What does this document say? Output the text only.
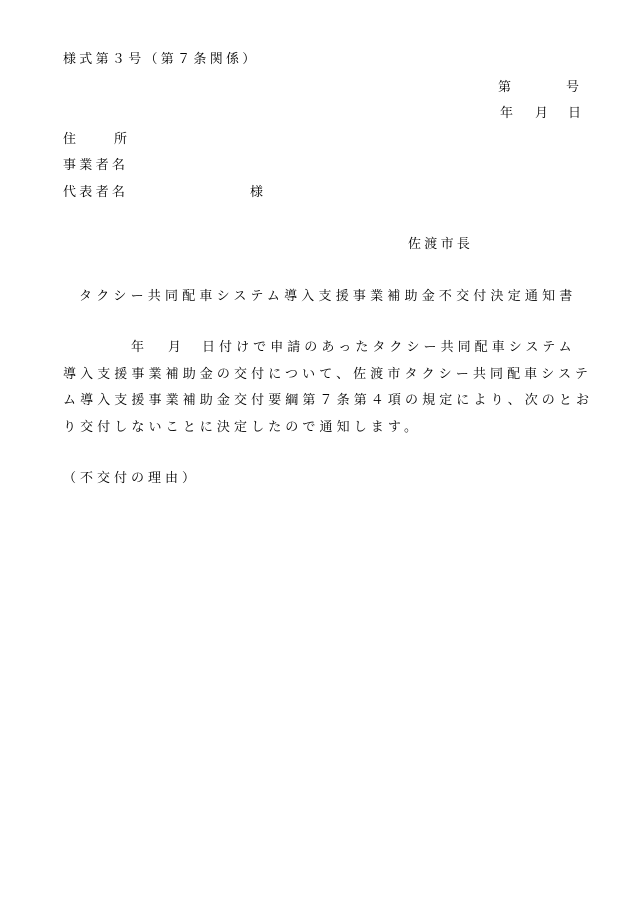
様式第３号（第７条関係）
第	号
年 月 日
住	所
事業者名
代表者名	様
佐渡市長
タクシー共同配車システム導入支援事業補助金不交付決定通知書
年 月 日付けで申請のあったタクシー共同配車システム
導入支援事業補助金の交付について、佐渡市タクシー共同配車システ
ム導入支援事業補助金交付要綱第７条第４項の規定により、次のとお
り交付しないことに決定したので通知します。
（不交付の理由）
